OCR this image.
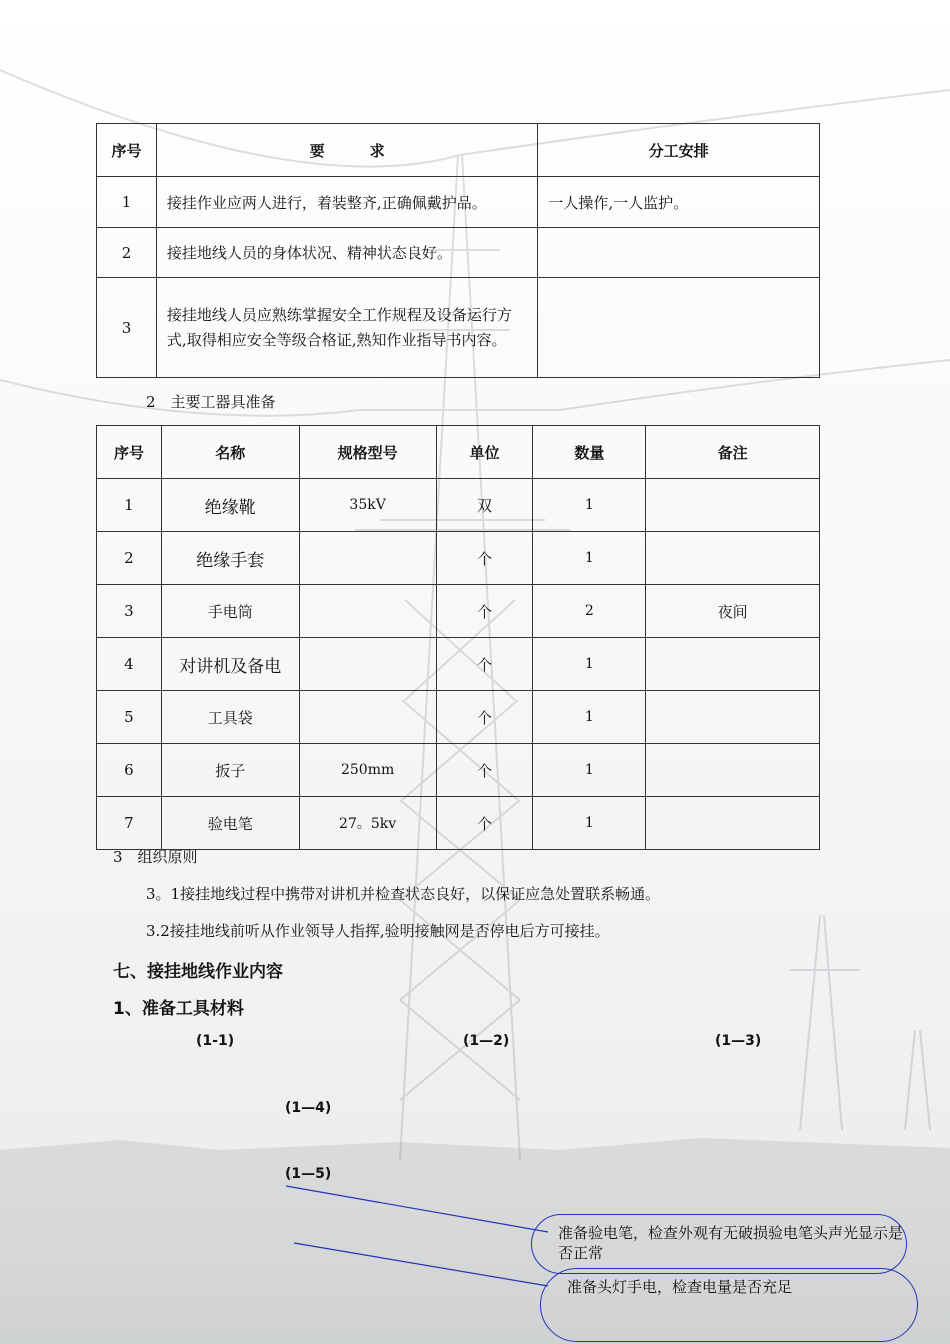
序号	要　　　求	分工安排
1	接挂作业应两人进行，着装整齐,正确佩戴护品。	一人操作,一人监护。
2	接挂地线人员的身体状况、精神状态良好。	
3	接挂地线人员应熟练掌握安全工作规程及设备运行方式,取得相应安全等级合格证,熟知作业指导书内容。	
2　主要工器具准备
序号	名称	规格型号	单位	数量	备注
1	绝缘靴	35kV	双	1	
2	绝缘手套		个	1	
3	手电筒		个	2	夜间
4	对讲机及备电		个	1	
5	工具袋		个	1	
6	扳子	250mm	个	1	
7	验电笔	27。5kv	个	1	
3　组织原则
3。1接挂地线过程中携带对讲机并检查状态良好，以保证应急处置联系畅通。
3.2接挂地线前听从作业领导人指挥,验明接触网是否停电后方可接挂。
七、接挂地线作业内容
1、准备工具材料
(1-1)	(1—2)	(1—3)
(1—4)
(1—5)
准备验电笔，检查外观有无破损验电笔头声光显示是否正常
准备头灯手电，检查电量是否充足
